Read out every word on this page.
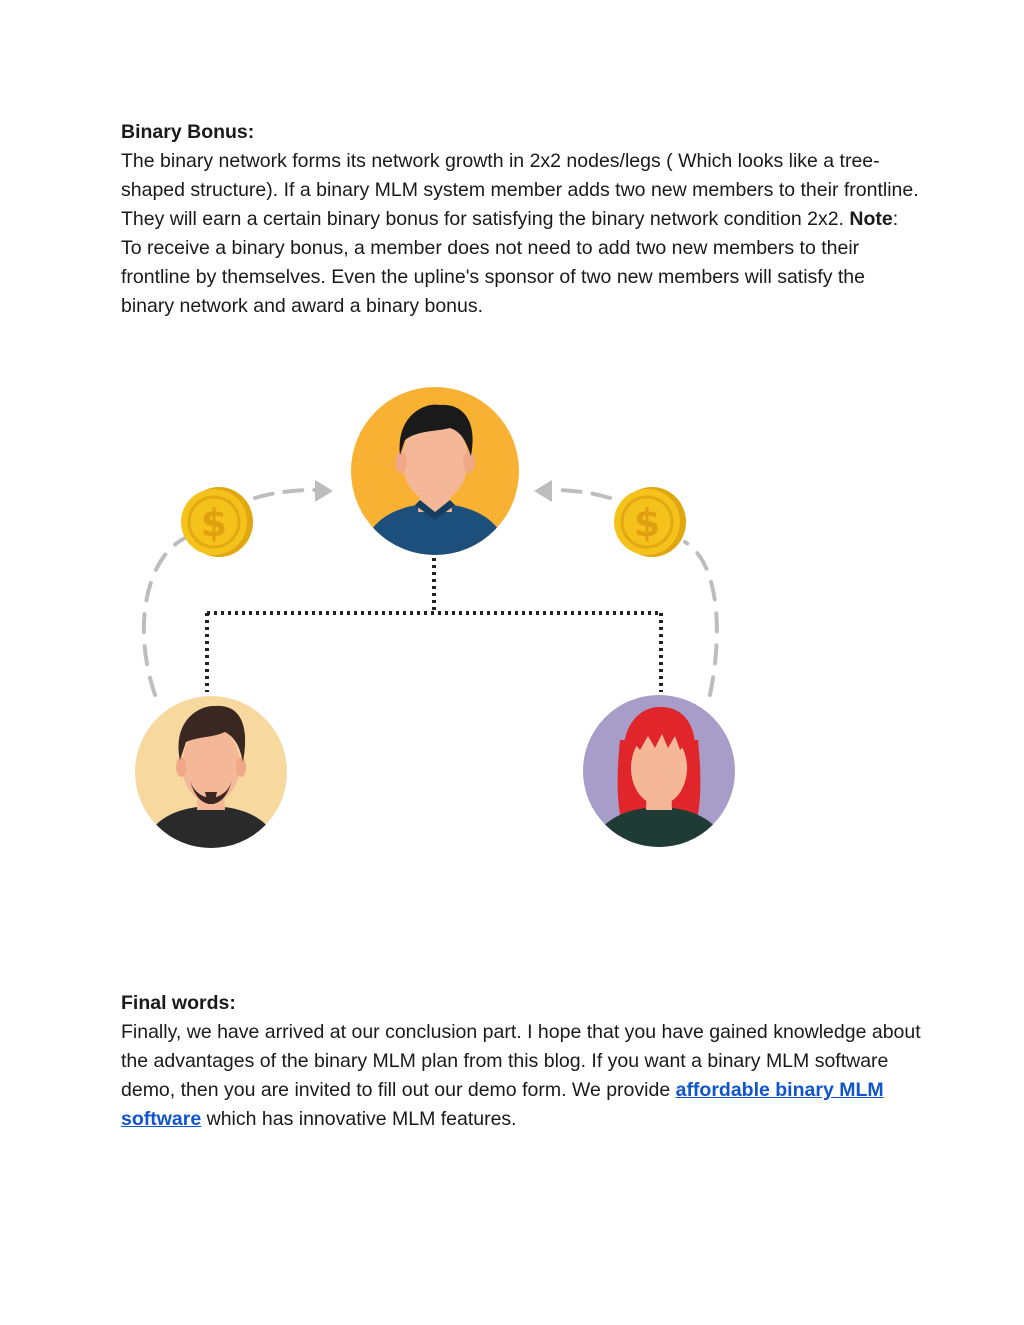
Binary Bonus:

The binary network forms its network growth in 2x2 nodes/legs ( Which looks like a tree-shaped structure). If a binary MLM system member adds two new members to their frontline. They will earn a certain binary bonus for satisfying the binary network condition 2x2. Note: To receive a binary bonus, a member does not need to add two new members to their frontline by themselves. Even the upline's sponsor of two new members will satisfy the binary network and award a binary bonus.

$	$
Final words:

Finally, we have arrived at our conclusion part. I hope that you have gained knowledge about the advantages of the binary MLM plan from this blog. If you want a binary MLM software demo, then you are invited to fill out our demo form. We provide affordable binary MLM software which has innovative MLM features.
